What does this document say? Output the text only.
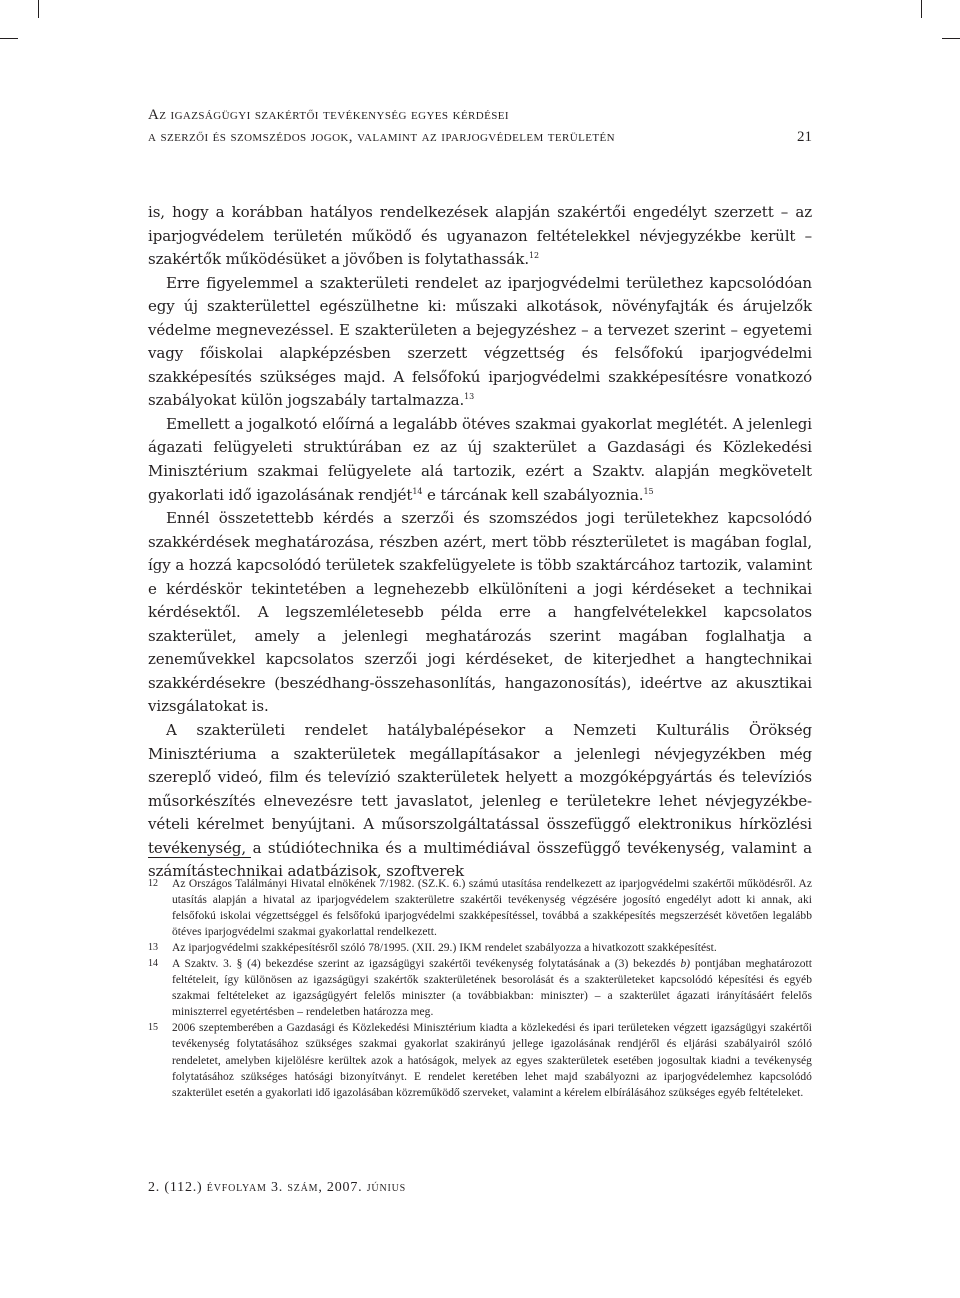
Az igazságügyi szakértői tevékenység egyes kérdései
a szerzői és szomszédos jogok, valamint az iparjogvédelem területén	21

is, hogy a korábban hatályos rendelkezések alapján szakértői engedélyt szerzett – az iparjogvédelem területén működő és ugyanazon feltételekkel névjegyzékbe került – szakértők működésüket a jövőben is folytathassák.$^{12}$

Erre figyelemmel a szakterületi rendelet az iparjogvédelmi területhez kapcsolódóan egy új szakterülettel egészülhetne ki: műszaki alkotások, növényfajták és árujelzők védelme megnevezéssel. E szakterületen a bejegyzéshez – a tervezet szerint – egyetemi vagy főiskolai alapképzésben szerzett végzettség és felsőfokú iparjogvédelmi szakképesítés szükséges majd. A felsőfokú iparjogvédelmi szakképesítésre vonatkozó szabályokat külön jogszabály tartalmazza.$^{13}$

Emellett a jogalkotó előírná a legalább ötéves szakmai gyakorlat meglétét. A jelenlegi ágazati felügyeleti struktúrában ez az új szakterület a Gazdasági és Közlekedési Minisztérium szakmai felügyelete alá tartozik, ezért a Szaktv. alapján megkövetelt gyakorlati idő igazolásának rendjét$^{14}$ e tárcának kell szabályoznia.$^{15}$

Ennél összetettebb kérdés a szerzői és szomszédos jogi területekhez kapcsolódó szakkérdések meghatározása, részben azért, mert több részterületet is magában foglal, így a hozzá kapcsolódó területek szakfelügyelete is több szaktárcához tartozik, valamint e kérdéskör tekintetében a legnehezebb elkülöníteni a jogi kérdéseket a technikai kérdésektől. A legszemléletesebb példa erre a hangfelvételekkel kapcsolatos szakterület, amely a jelenlegi meghatározás szerint magában foglalhatja a zeneművekkel kapcsolatos szerzői jogi kérdéseket, de kiterjedhet a hangtechnikai szakkérdésekre (beszédhang-összehasonlítás, hangazonosítás), ideértve az akusztikai vizsgálatokat is.

A szakterületi rendelet hatálybalépésekor a Nemzeti Kulturális Örökség Minisztériuma a szakterületek megállapításakor a jelenlegi névjegyzékben még szereplő videó, film és televízió szakterületek helyett a mozgóképgyártás és televíziós műsorkészítés elnevezésre tett javaslatot, jelenleg e területekre lehet névjegyzékbe-vételi kérelmet benyújtani. A műsorszolgáltatással összefüggő elektronikus hírközlési tevékenység, a stúdiótechnika és a multimédiával összefüggő tevékenység, valamint a számítástechnikai adatbázisok, szoftverek

12 Az Országos Találmányi Hivatal elnökének 7/1982. (SZ.K. 6.) számú utasítása rendelkezett az iparjogvédelmi szakértői működésről. Az utasítás alapján a hivatal az iparjogvédelem szakterületre szakértői tevékenység végzésére jogosító engedélyt adott ki annak, aki felsőfokú iskolai végzettséggel és felsőfokú iparjogvédelmi szakképesítéssel, továbbá a szakképesítés megszerzését követően legalább ötéves iparjogvédelmi szakmai gyakorlattal rendelkezett.
13 Az iparjogvédelmi szakképesítésről szóló 78/1995. (XII. 29.) IKM rendelet szabályozza a hivatkozott szakképesítést.
14 A Szaktv. 3. § (4) bekezdése szerint az igazságügyi szakértői tevékenység folytatásának a (3) bekezdés b) pontjában meghatározott feltételeit, így különösen az igazságügyi szakértők szakterületének besorolását és a szakterületeket kapcsolódó képesítési és egyéb szakmai feltételeket az igazságügyért felelős miniszter (a továbbiakban: miniszter) – a szakterület ágazati irányításáért felelős miniszterrel egyetértésben – rendeletben határozza meg.
15 2006 szeptemberében a Gazdasági és Közlekedési Minisztérium kiadta a közlekedési és ipari területeken végzett igazságügyi szakértői tevékenység folytatásához szükséges szakmai gyakorlat szakirányú jellege igazolásának rendjéről és eljárási szabályairól szóló rendeletet, amelyben kijelölésre kerültek azok a hatóságok, melyek az egyes szakterületek esetében jogosultak kiadni a tevékenység folytatásához szükséges hatósági bizonyítványt. E rendelet keretében lehet majd szabályozni az iparjogvédelemhez kapcsolódó szakterület esetén a gyakorlati idő igazolásában közreműködő szerveket, valamint a kérelem elbírálásához szükséges egyéb feltételeket.
2. (112.) évfolyam 3. szám, 2007. június
